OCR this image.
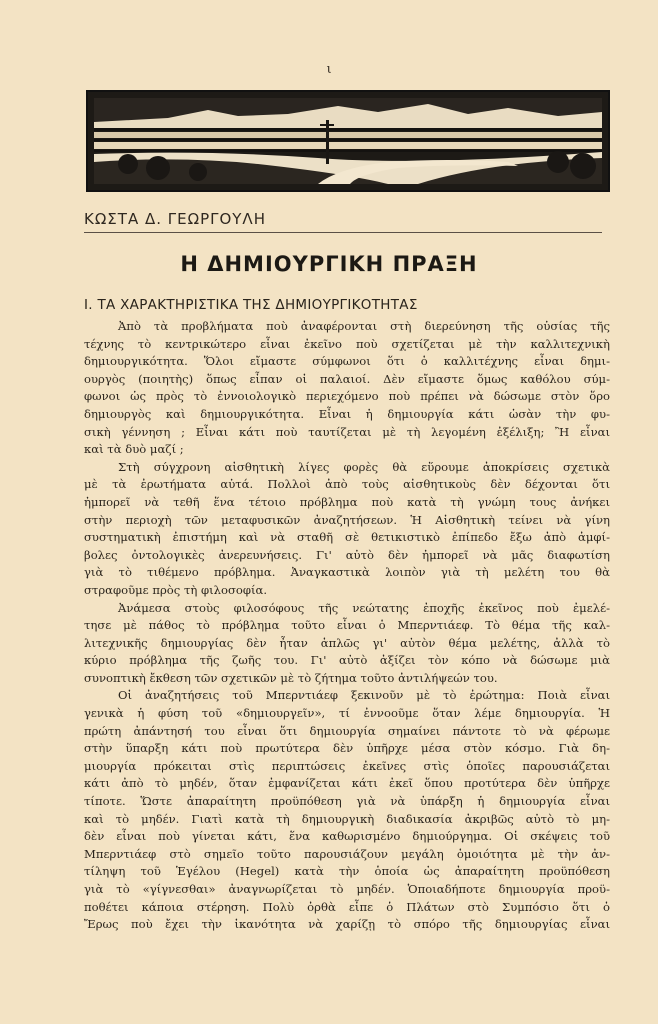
ι
ΚΩΣΤΑ Δ. ΓΕΩΡΓΟΥΛΗ
Η ΔΗΜΙΟΥΡΓΙΚΗ ΠΡΑΞΗ
Ι. ΤΑ ΧΑΡΑΚΤΗΡΙΣΤΙΚΑ ΤΗΣ ΔΗΜΙΟΥΡΓΙΚΟΤΗΤΑΣ
Ἀπὸ τὰ προβλήματα ποὺ ἀναφέρονται στὴ διερεύνηση τῆς οὐσίας τῆς
τέχνης τὸ κεντρικώτερο εἶναι ἐκεῖνο ποὺ σχετίζεται μὲ τὴν καλλιτεχνικὴ
δημιουργικότητα. Ὅλοι εἴμαστε σύμφωνοι ὅτι ὁ καλλιτέχνης εἶναι δημι-
ουργὸς (ποιητὴς) ὅπως εἶπαν οἱ παλαιοί. Δὲν εἴμαστε ὅμως καθόλου σύμ-
φωνοι ὡς πρὸς τὸ ἐννοιολογικὸ περιεχόμενο ποὺ πρέπει νὰ δώσωμε στὸν ὅρο
δημιουργὸς καὶ δημιουργικότητα. Εἶναι ἡ δημιουργία κάτι ὡσὰν τὴν φυ-
σικὴ γέννηση ; Εἶναι κάτι ποὺ ταυτίζεται μὲ τὴ λεγομένη ἐξέλιξη; Ἢ εἶναι
καὶ τὰ δυὸ μαζί ;
Στὴ σύγχρονη αἰσθητικὴ λίγες φορὲς θὰ εὕρουμε ἀποκρίσεις σχετικὰ
μὲ τὰ ἐρωτήματα αὐτά. Πολλοὶ ἀπὸ τοὺς αἰσθητικοὺς δὲν δέχονται ὅτι
ἠμπορεῖ νὰ τεθῆ ἕνα τέτοιο πρόβλημα ποὺ κατὰ τὴ γνώμη τους ἀνήκει
στὴν περιοχὴ τῶν μεταφυσικῶν ἀναζητήσεων. Ἡ Αἰσθητικὴ τείνει νὰ γίνη
συστηματικὴ ἐπιστήμη καὶ νὰ σταθῆ σὲ θετικιστικὸ ἐπίπεδο ἔξω ἀπὸ ἀμφί-
βολες ὀντολογικὲς ἀνερευνήσεις. Γι' αὐτὸ δὲν ἠμπορεῖ νὰ μᾶς διαφωτίση
γιὰ τὸ τιθέμενο πρόβλημα. Ἀναγκαστικὰ λοιπὸν γιὰ τὴ μελέτη του θὰ
στραφοῦμε πρὸς τὴ φιλοσοφία.
Ἀνάμεσα στοὺς φιλοσόφους τῆς νεώτατης ἐποχῆς ἐκεῖνος ποὺ ἐμελέ-
τησε μὲ πάθος τὸ πρόβλημα τοῦτο εἶναι ὁ Μπερντιάεφ. Τὸ θέμα τῆς καλ-
λιτεχνικῆς δημιουργίας δὲν ἦταν ἁπλῶς γι' αὐτὸν θέμα μελέτης, ἀλλὰ τὸ
κύριο πρόβλημα τῆς ζωῆς του. Γι' αὐτὸ ἀξίζει τὸν κόπο νὰ δώσωμε μιὰ
συνοπτικὴ ἔκθεση τῶν σχετικῶν μὲ τὸ ζήτημα τοῦτο ἀντιλήψεών του.
Οἱ ἀναζητήσεις τοῦ Μπερντιάεφ ξεκινοῦν μὲ τὸ ἐρώτημα: Ποιὰ εἶναι
γενικὰ ἡ φύση τοῦ «δημιουργεῖν», τί ἐννοοῦμε ὅταν λέμε δημιουργία. Ἡ
πρώτη ἀπάντησή του εἶναι ὅτι δημιουργία σημαίνει πάντοτε τὸ νὰ φέρωμε
στὴν ὕπαρξη κάτι ποὺ πρωτύτερα δὲν ὑπῆρχε μέσα στὸν κόσμο. Γιὰ δη-
μιουργία πρόκειται στὶς περιπτώσεις ἐκεῖνες στὶς ὁποῖες παρουσιάζεται
κάτι ἀπὸ τὸ μηδέν, ὅταν ἐμφανίζεται κάτι ἐκεῖ ὅπου προτύτερα δὲν ὑπῆρχε
τίποτε. Ὥστε ἀπαραίτητη προϋπόθεση γιὰ νὰ ὑπάρξη ἡ δημιουργία εἶναι
καὶ τὸ μηδέν. Γιατὶ κατὰ τὴ δημιουργικὴ διαδικασία ἀκριβῶς αὐτὸ τὸ μη-
δὲν εἶναι ποὺ γίνεται κάτι, ἕνα καθωρισμένο δημιούργημα. Οἱ σκέψεις τοῦ
Μπερντιάεφ στὸ σημεῖο τοῦτο παρουσιάζουν μεγάλη ὁμοιότητα μὲ τὴν ἀν-
τίληψη τοῦ Ἑγέλου (Hegel) κατὰ τὴν ὁποία ὡς ἀπαραίτητη προϋπόθεση
γιὰ τὸ «γίγνεσθαι» ἀναγνωρίζεται τὸ μηδέν. Ὁποιαδήποτε δημιουργία προϋ-
ποθέτει κάποια στέρηση. Πολὺ ὀρθὰ εἶπε ὁ Πλάτων στὸ Συμπόσιο ὅτι ὁ
Ἔρως ποὺ ἔχει τὴν ἱκανότητα νὰ χαρίζῃ τὸ σπόρο τῆς δημιουργίας εἶναι
